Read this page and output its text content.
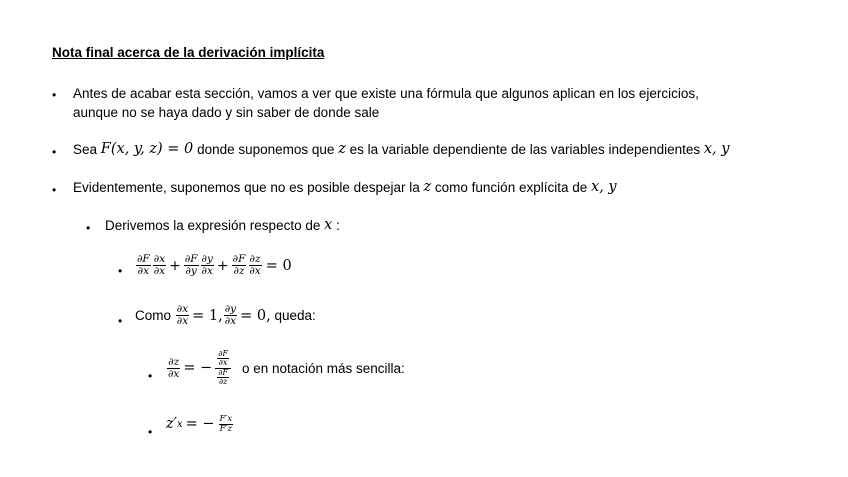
Nota final acerca de la derivación implícita
• Antes de acabar esta sección, vamos a ver que existe una fórmula que algunos aplican en los ejercicios,
aunque no se haya dado y sin saber de donde sale
• Sea
F(x, y, z) = 0
donde suponemos que
z
es la variable dependiente de las variables independientes
x, y
• Evidentemente, suponemos que no es posible despejar la
z
como función explícita de
x, y
• Derivemos la expresión respecto de
x
:
• $\frac{\partial F}{\partial x} \frac{\partial x}{\partial x} + \frac{\partial F}{\partial y} \frac{\partial y}{\partial x} + \frac{\partial F}{\partial z} \frac{\partial z}{\partial x} = 0$
• Como
$\frac{\partial x}{\partial x} = 1$, $\frac{\partial y}{\partial x} = 0$,
queda:
• $\frac{\partial z}{\partial x}$ = − $\frac{\frac{\partial F}{\partial x}}{\frac{\partial F}{\partial z}}$ o en notación más sencilla:
• z′ x = − $\frac{F'x}{F'z}$
